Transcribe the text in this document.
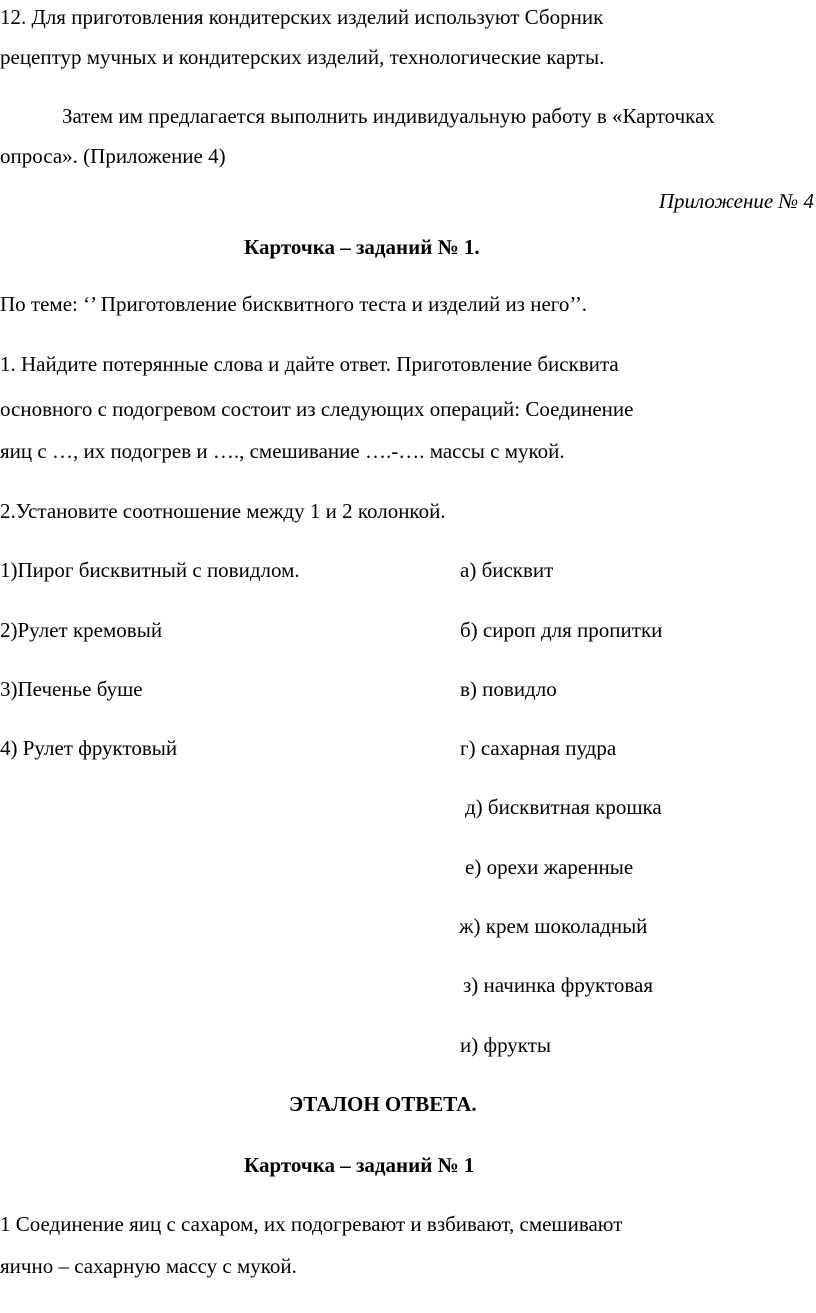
12. Для приготовления кондитерских изделий используют Сборник
рецептур мучных и кондитерских изделий, технологические карты.
Затем им предлагается выполнить индивидуальную работу в «Карточках
опроса». (Приложение 4)
Приложение № 4
Карточка – заданий № 1.
По теме: ‘’ Приготовление бисквитного теста и изделий из него’’.
1. Найдите потерянные слова и дайте ответ. Приготовление бисквита
основного с подогревом состоит из следующих операций: Соединение
яиц с …, их подогрев и …., смешивание ….-…. массы с мукой.
2.Установите соотношение между 1 и 2 колонкой.
1)Пирог бисквитный с повидлом.
2)Рулет кремовый
3)Печенье буше
4) Рулет фруктовый
а) бисквит
б) сироп для пропитки
в) повидло
г) сахарная пудра
д) бисквитная крошка
е) орехи жаренные
ж) крем шоколадный
з) начинка фруктовая
и) фрукты
ЭТАЛОН ОТВЕТА.
Карточка – заданий № 1
1 Соединение яиц с сахаром, их подогревают и взбивают, смешивают
яично – сахарную массу с мукой.
